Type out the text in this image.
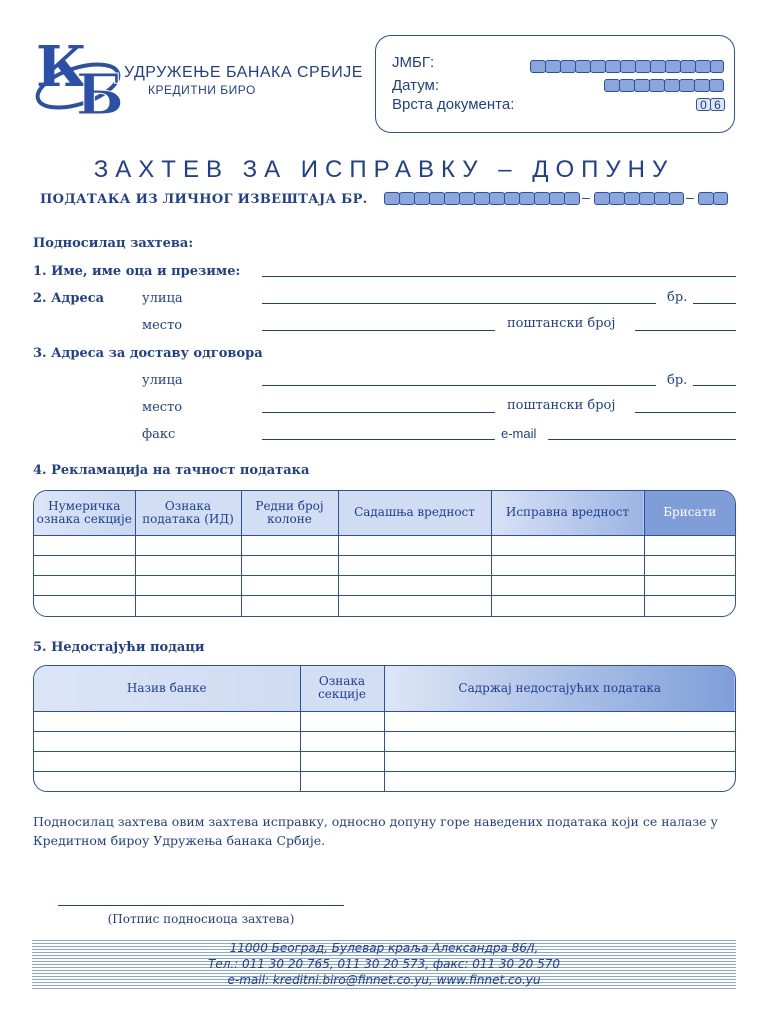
К
Б УДРУЖЕЊЕ БАНАКА СРБИЈЕ
КРЕДИТНИ БИРО
ЈМБГ:
Датум:
Врста документа:	0 6
ЗАХТЕВ ЗА ИСПРАВКУ – ДОПУНУ
ПОДАТАКА ИЗ ЛИЧНОГ ИЗВЕШТАЈА БР.	–	–
Подносилац захтева:
1. Име, име оца и презиме:
2. Адреса	улица	бр.
место	поштански број
3. Адреса за доставу одговора
улица	бр.
место	поштански број
факс	e-mail
4. Рекламација на тачност података
Нумеричка ознака секције	Ознака податакa (ИД)	Редни број колоне	Садашња вредност	Исправна вредност	Брисати

5. Недостајући подаци
Назив банке	Ознака секције	Садржај недостајућих података

Подносилац захтева овим захтева исправку, односно допуну горе наведених података који се налазе у Кредитном бироу Удружења банака Србије.
(Потпис подносиоца захтева)
11000 Београд, Булевар краља Александра 86/I,
Тел.: 011 30 20 765, 011 30 20 573, факс: 011 30 20 570
e-mail: kreditni.biro@finnet.co.yu, www.finnet.co.yu
